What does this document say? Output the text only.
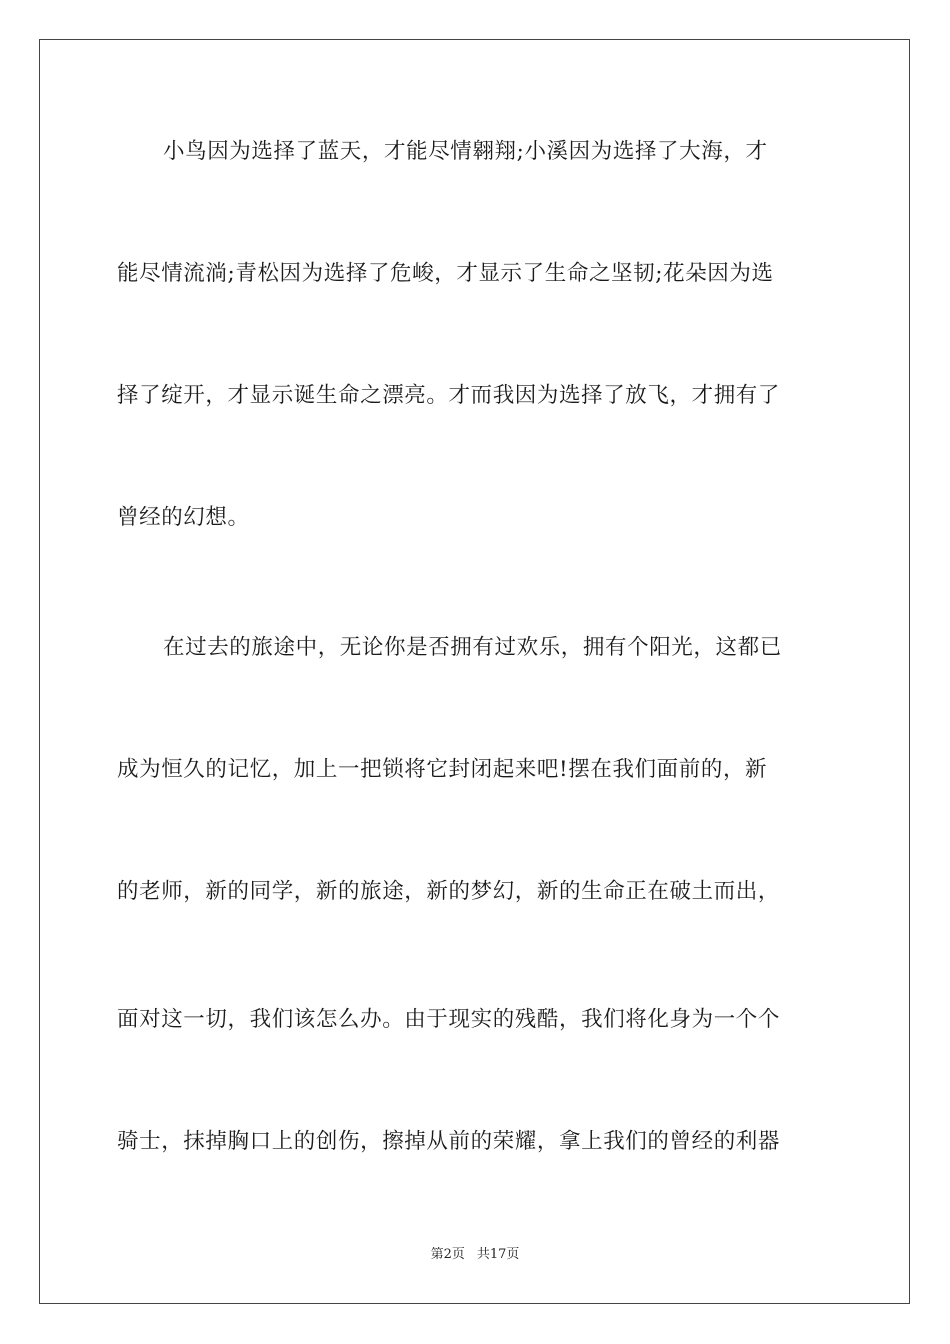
小鸟因为选择了蓝天，才能尽情翱翔;小溪因为选择了大海，才
能尽情流淌;青松因为选择了危峻，才显示了生命之坚韧;花朵因为选
择了绽开，才显示诞生命之漂亮。才而我因为选择了放飞，才拥有了
曾经的幻想。
在过去的旅途中，无论你是否拥有过欢乐，拥有个阳光，这都已
成为恒久的记忆，加上一把锁将它封闭起来吧!摆在我们面前的，新
的老师，新的同学，新的旅途，新的梦幻，新的生命正在破土而出，
面对这一切，我们该怎么办。由于现实的残酷，我们将化身为一个个
骑士，抹掉胸口上的创伤，擦掉从前的荣耀，拿上我们的曾经的利器
第2页 共17页
